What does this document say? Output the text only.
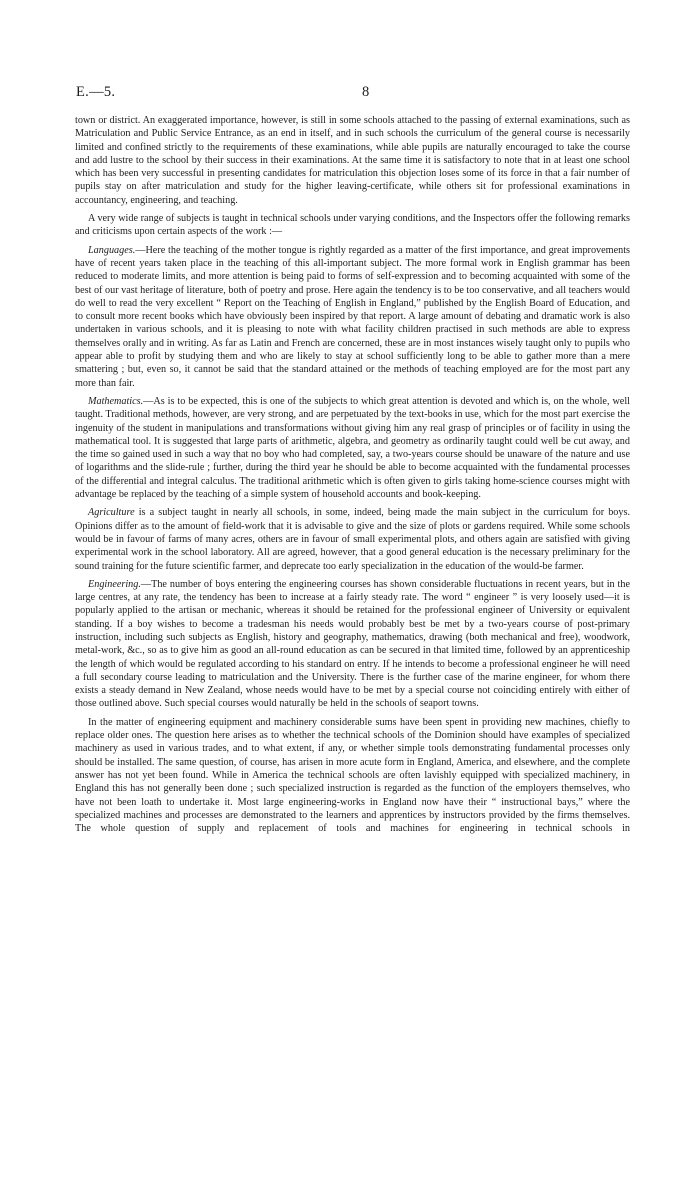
E.—5.	8

town or district. An exaggerated importance, however, is still in some schools attached to the passing of external examinations, such as Matriculation and Public Service Entrance, as an end in itself, and in such schools the curriculum of the general course is necessarily limited and confined strictly to the requirements of these examinations, while able pupils are naturally encouraged to take the course and add lustre to the school by their success in their examinations. At the same time it is satisfactory to note that in at least one school which has been very successful in presenting candidates for matriculation this objection loses some of its force in that a fair number of pupils stay on after matriculation and study for the higher leaving-certificate, while others sit for professional examinations in accountancy, engineering, and teaching.

A very wide range of subjects is taught in technical schools under varying conditions, and the Inspectors offer the following remarks and criticisms upon certain aspects of the work :—

Languages.—Here the teaching of the mother tongue is rightly regarded as a matter of the first importance, and great improvements have of recent years taken place in the teaching of this all-important subject. The more formal work in English grammar has been reduced to moderate limits, and more attention is being paid to forms of self-expression and to becoming acquainted with some of the best of our vast heritage of literature, both of poetry and prose. Here again the tendency is to be too conservative, and all teachers would do well to read the very excellent “ Report on the Teaching of English in England,” published by the English Board of Education, and to consult more recent books which have obviously been inspired by that report. A large amount of debating and dramatic work is also undertaken in various schools, and it is pleasing to note with what facility children practised in such methods are able to express themselves orally and in writing. As far as Latin and French are concerned, these are in most instances wisely taught only to pupils who appear able to profit by studying them and who are likely to stay at school sufficiently long to be able to gather more than a mere smattering ; but, even so, it cannot be said that the standard attained or the methods of teaching employed are for the most part any more than fair.

Mathematics.—As is to be expected, this is one of the subjects to which great attention is devoted and which is, on the whole, well taught. Traditional methods, however, are very strong, and are perpetuated by the text-books in use, which for the most part exercise the ingenuity of the student in manipulations and transformations without giving him any real grasp of principles or of facility in using the mathematical tool. It is suggested that large parts of arithmetic, algebra, and geometry as ordinarily taught could well be cut away, and the time so gained used in such a way that no boy who had completed, say, a two-years course should be unaware of the nature and use of logarithms and the slide-rule ; further, during the third year he should be able to become acquainted with the fundamental processes of the differential and integral calculus. The traditional arithmetic which is often given to girls taking home-science courses might with advantage be replaced by the teaching of a simple system of household accounts and book-keeping.

Agriculture is a subject taught in nearly all schools, in some, indeed, being made the main subject in the curriculum for boys. Opinions differ as to the amount of field-work that it is advisable to give and the size of plots or gardens required. While some schools would be in favour of farms of many acres, others are in favour of small experimental plots, and others again are satisfied with giving experimental work in the school laboratory. All are agreed, however, that a good general education is the necessary preliminary for the sound training for the future scientific farmer, and deprecate too early specialization in the education of the would-be farmer.

Engineering.—The number of boys entering the engineering courses has shown considerable fluctuations in recent years, but in the large centres, at any rate, the tendency has been to increase at a fairly steady rate. The word “ engineer ” is very loosely used—it is popularly applied to the artisan or mechanic, whereas it should be retained for the professional engineer of University or equivalent standing. If a boy wishes to become a tradesman his needs would probably best be met by a two-years course of post-primary instruction, including such subjects as English, history and geography, mathematics, drawing (both mechanical and free), woodwork, metal-work, &c., so as to give him as good an all-round education as can be secured in that limited time, followed by an apprenticeship the length of which would be regulated according to his standard on entry. If he intends to become a professional engineer he will need a full secondary course leading to matriculation and the University. There is the further case of the marine engineer, for whom there exists a steady demand in New Zealand, whose needs would have to be met by a special course not coinciding entirely with either of those outlined above. Such special courses would naturally be held in the schools of seaport towns.

In the matter of engineering equipment and machinery considerable sums have been spent in providing new machines, chiefly to replace older ones. The question here arises as to whether the technical schools of the Dominion should have examples of specialized machinery as used in various trades, and to what extent, if any, or whether simple tools demonstrating fundamental processes only should be installed. The same question, of course, has arisen in more acute form in England, America, and elsewhere, and the complete answer has not yet been found. While in America the technical schools are often lavishly equipped with specialized machinery, in England this has not generally been done ; such specialized instruction is regarded as the function of the employers themselves, who have not been loath to undertake it. Most large engineering-works in England now have their “ instructional bays,” where the specialized machines and processes are demonstrated to the learners and apprentices by instructors provided by the firms themselves. The whole question of supply and replacement of tools and machines for engineering in technical schools in
